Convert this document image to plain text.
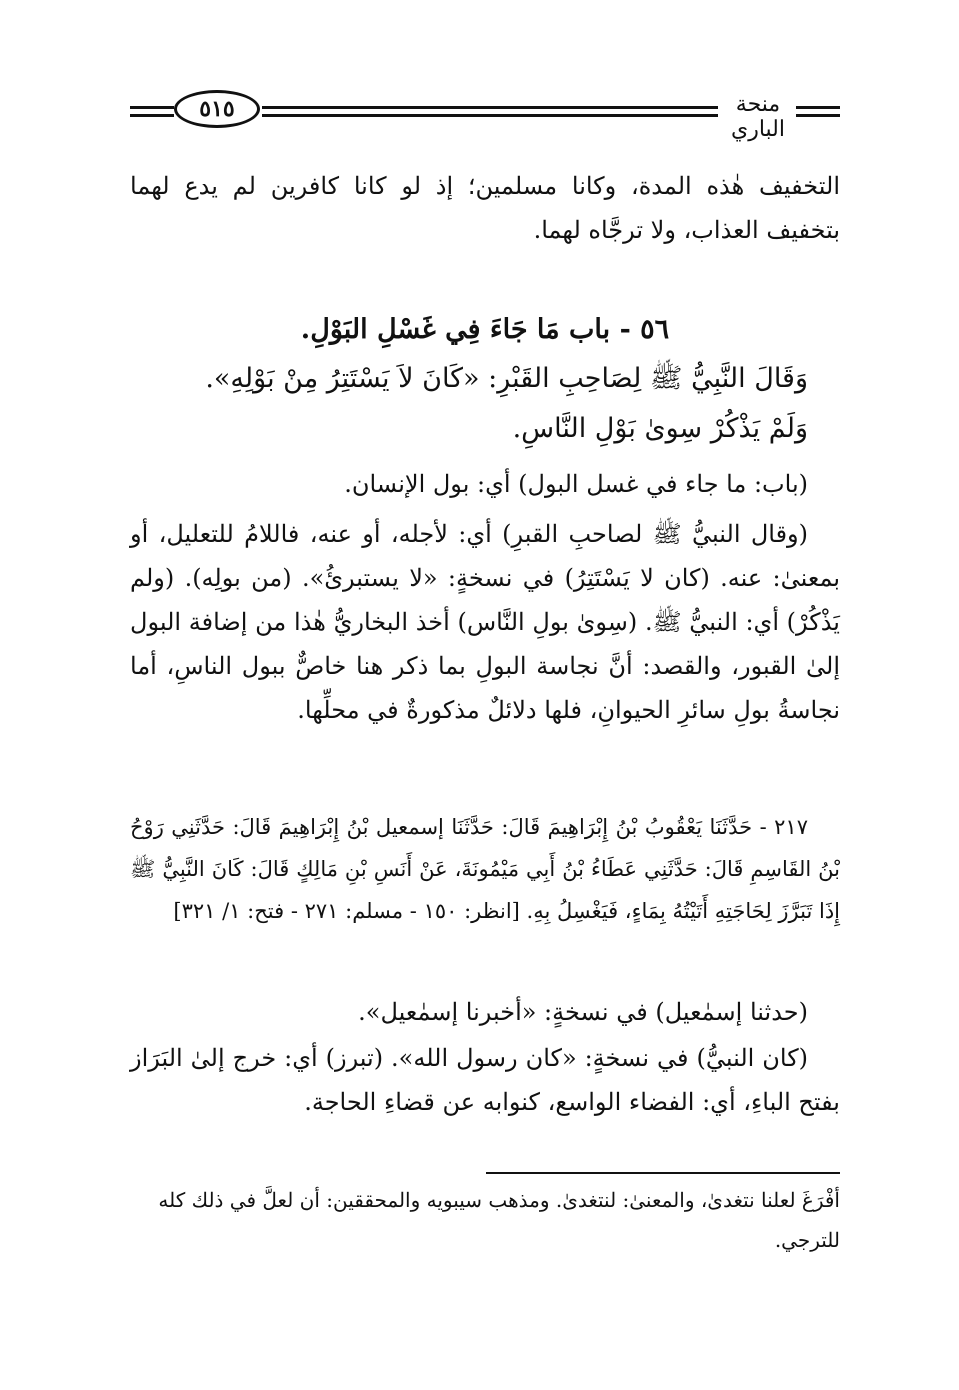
٥١٥	منحة الباري
التخفيف هٰذه المدة، وكانا مسلمين؛ إذ لو كانا كافرين لم يدع لهما بتخفيف العذاب، ولا ترجَّاه لهما.
٥٦ - باب مَا جَاءَ فِي غَسْلِ البَوْلِ.
وَقَالَ النَّبِيُّ ﷺ لِصَاحِبِ القَبْرِ: «كَانَ لاَ يَسْتَتِرُ مِنْ بَوْلِهِ».
وَلَمْ يَذْكُرْ سِوىٰ بَوْلِ النَّاسِ.
(باب: ما جاء في غسل البول) أي: بول الإنسان.
(وقال النبيُّ ﷺ لصاحبِ القبرِ) أي: لأجله، أو عنه، فاللامُ للتعليل، أو بمعنىٰ: عنه. (كان لا يَسْتَتِرُ) في نسخةٍ: «لا يستبرئُ». (من بولِه). (ولم يَذْكُرْ) أي: النبيُّ ﷺ. (سِوىٰ بولِ النَّاس) أخذ البخاريُّ هٰذا من إضافة البول إلىٰ القبور، والقصد: أنَّ نجاسة البولِ بما ذكر هنا خاصٌّ ببول الناسِ، أما نجاسةُ بولِ سائرِ الحيوانِ، فلها دلائلٌ مذكورةٌ في محلِّها.
٢١٧ - حَدَّثَنَا يَعْقُوبُ بْنُ إِبْرَاهِيمَ قَالَ: حَدَّثَنَا إسمعيل بْنُ إِبْرَاهِيمَ قَالَ: حَدَّثَنِي رَوْحُ بْنُ القَاسِمِ قَالَ: حَدَّثَنِي عَطَاءُ بْنُ أَبِي مَيْمُونَةَ، عَنْ أَنَسِ بْنِ مَالِكٍ قَالَ: كَانَ النَّبِيُّ ﷺ إِذَا تَبَرَّزَ لِحَاجَتِهِ أَتَيْتُهُ بِمَاءٍ، فَيَغْسِلُ بِهِ. [انظر: ١٥٠ - مسلم: ٢٧١ - فتح: ١/ ٣٢١]
(حدثنا إسمٰعيل) في نسخةٍ: «أخبرنا إسمٰعيل».
(كان النبيُّ) في نسخةٍ: «كان رسول الله». (تبرز) أي: خرج إلىٰ البَرَاز بفتح الباءِ، أي: الفضاء الواسع، كنوابه عن قضاءِ الحاجة.
أفْرَغَ لعلنا نتغدىٰ، والمعنىٰ: لنتغدىٰ. ومذهب سيبويه والمحققين: أن لعلَّ في ذلك كله للترجي.
